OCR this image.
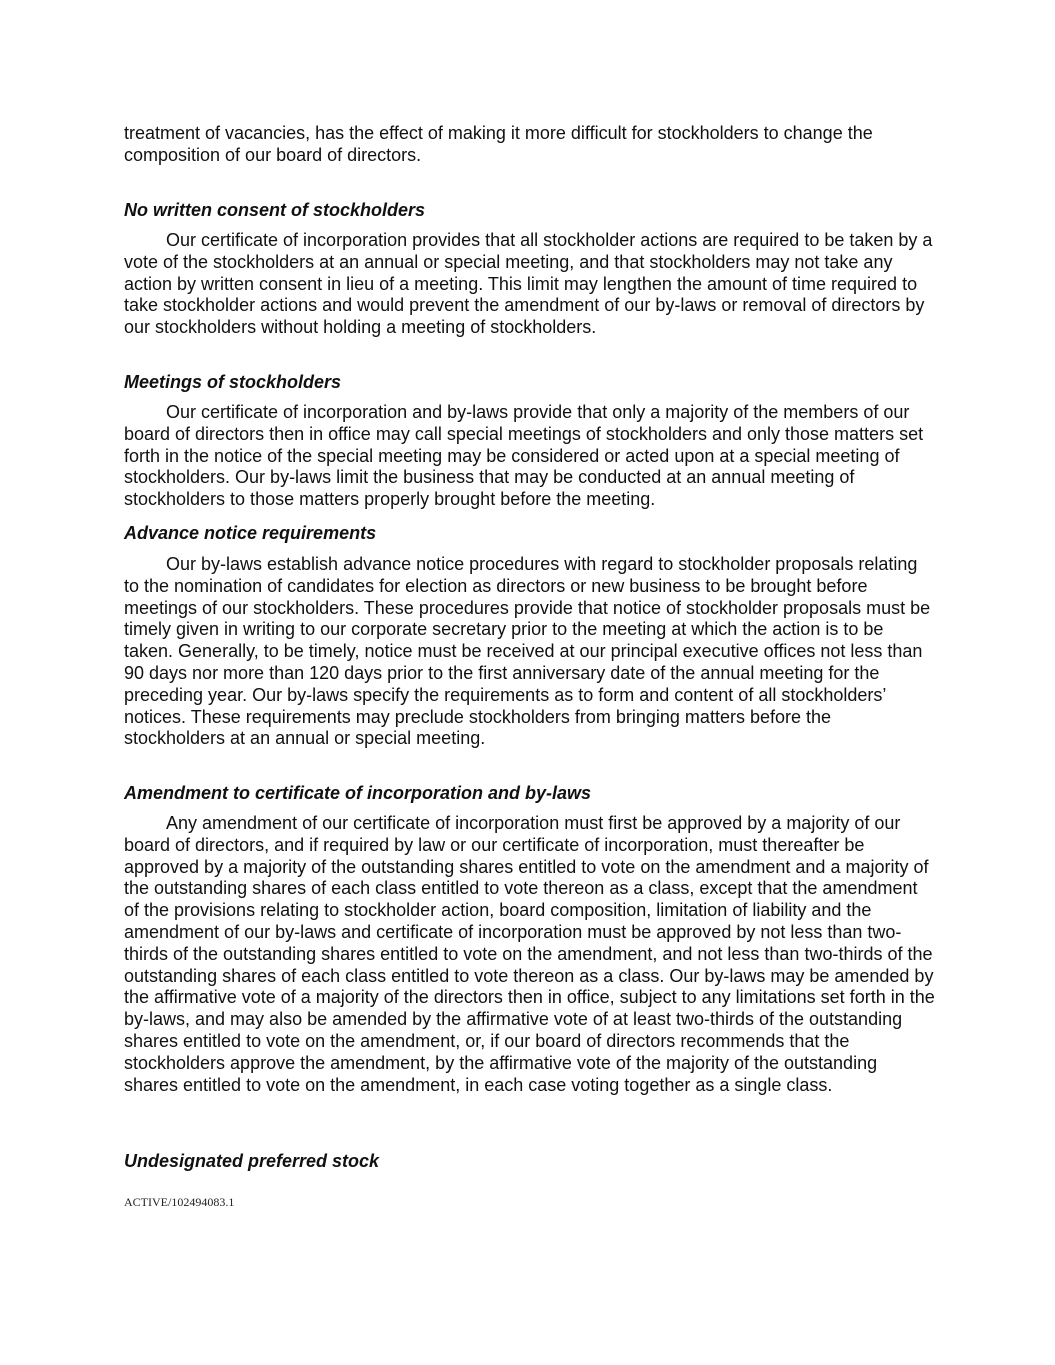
treatment of vacancies, has the effect of making it more difficult for stockholders to change the composition of our board of directors.

No written consent of stockholders

Our certificate of incorporation provides that all stockholder actions are required to be taken by a vote of the stockholders at an annual or special meeting, and that stockholders may not take any action by written consent in lieu of a meeting. This limit may lengthen the amount of time required to take stockholder actions and would prevent the amendment of our by-laws or removal of directors by our stockholders without holding a meeting of stockholders.

Meetings of stockholders

Our certificate of incorporation and by-laws provide that only a majority of the members of our board of directors then in office may call special meetings of stockholders and only those matters set forth in the notice of the special meeting may be considered or acted upon at a special meeting of stockholders. Our by-laws limit the business that may be conducted at an annual meeting of stockholders to those matters properly brought before the meeting.

Advance notice requirements

Our by-laws establish advance notice procedures with regard to stockholder proposals relating to the nomination of candidates for election as directors or new business to be brought before meetings of our stockholders. These procedures provide that notice of stockholder proposals must be timely given in writing to our corporate secretary prior to the meeting at which the action is to be taken. Generally, to be timely, notice must be received at our principal executive offices not less than 90 days nor more than 120 days prior to the first anniversary date of the annual meeting for the preceding year. Our by-laws specify the requirements as to form and content of all stockholders’ notices. These requirements may preclude stockholders from bringing matters before the stockholders at an annual or special meeting.

Amendment to certificate of incorporation and by-laws

Any amendment of our certificate of incorporation must first be approved by a majority of our board of directors, and if required by law or our certificate of incorporation, must thereafter be approved by a majority of the outstanding shares entitled to vote on the amendment and a majority of the outstanding shares of each class entitled to vote thereon as a class, except that the amendment of the provisions relating to stockholder action, board composition, limitation of liability and the amendment of our by-laws and certificate of incorporation must be approved by not less than two-thirds of the outstanding shares entitled to vote on the amendment, and not less than two-thirds of the outstanding shares of each class entitled to vote thereon as a class. Our by-laws may be amended by the affirmative vote of a majority of the directors then in office, subject to any limitations set forth in the by-laws, and may also be amended by the affirmative vote of at least two-thirds of the outstanding shares entitled to vote on the amendment, or, if our board of directors recommends that the stockholders approve the amendment, by the affirmative vote of the majority of the outstanding shares entitled to vote on the amendment, in each case voting together as a single class.

Undesignated preferred stock

ACTIVE/102494083.1
